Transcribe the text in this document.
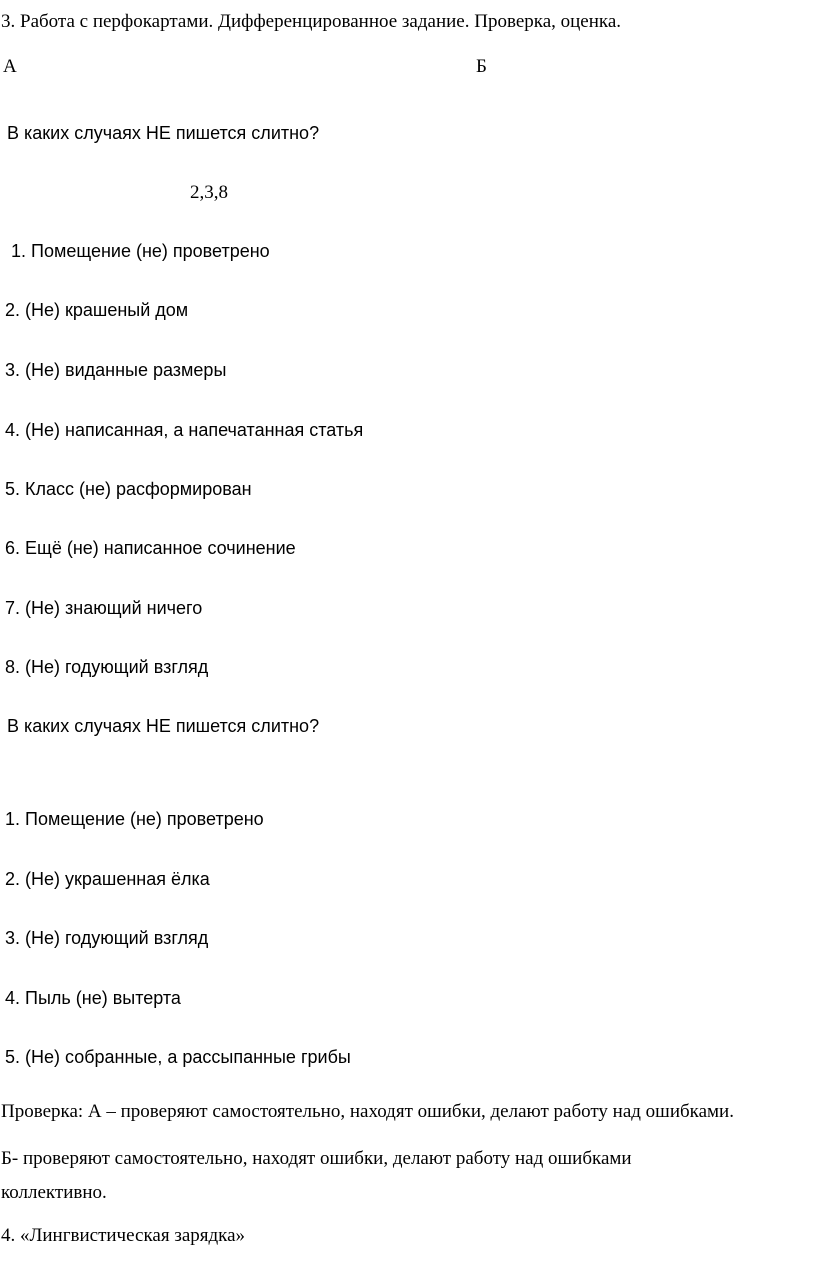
3. Работа с перфокартами. Дифференцированное задание. Проверка, оценка.
А	Б
В каких случаях НЕ пишется слитно?
2,3,8
1. Помещение (не) проветрено
2. (Не) крашеный дом
3. (Не) виданные размеры
4. (Не) написанная, а напечатанная статья
5. Класс (не) расформирован
6. Ещё (не) написанное сочинение
7. (Не) знающий ничего
8. (Не) годующий взгляд
В каких случаях НЕ пишется слитно?
1. Помещение (не) проветрено
2. (Не) украшенная ёлка
3. (Не) годующий взгляд
4. Пыль (не) вытерта
5. (Не) собранные, а рассыпанные грибы
Проверка: А – проверяют самостоятельно, находят ошибки, делают работу над ошибками.
Б- проверяют самостоятельно, находят ошибки, делают работу над ошибками
коллективно.
4. «Лингвистическая зарядка»
